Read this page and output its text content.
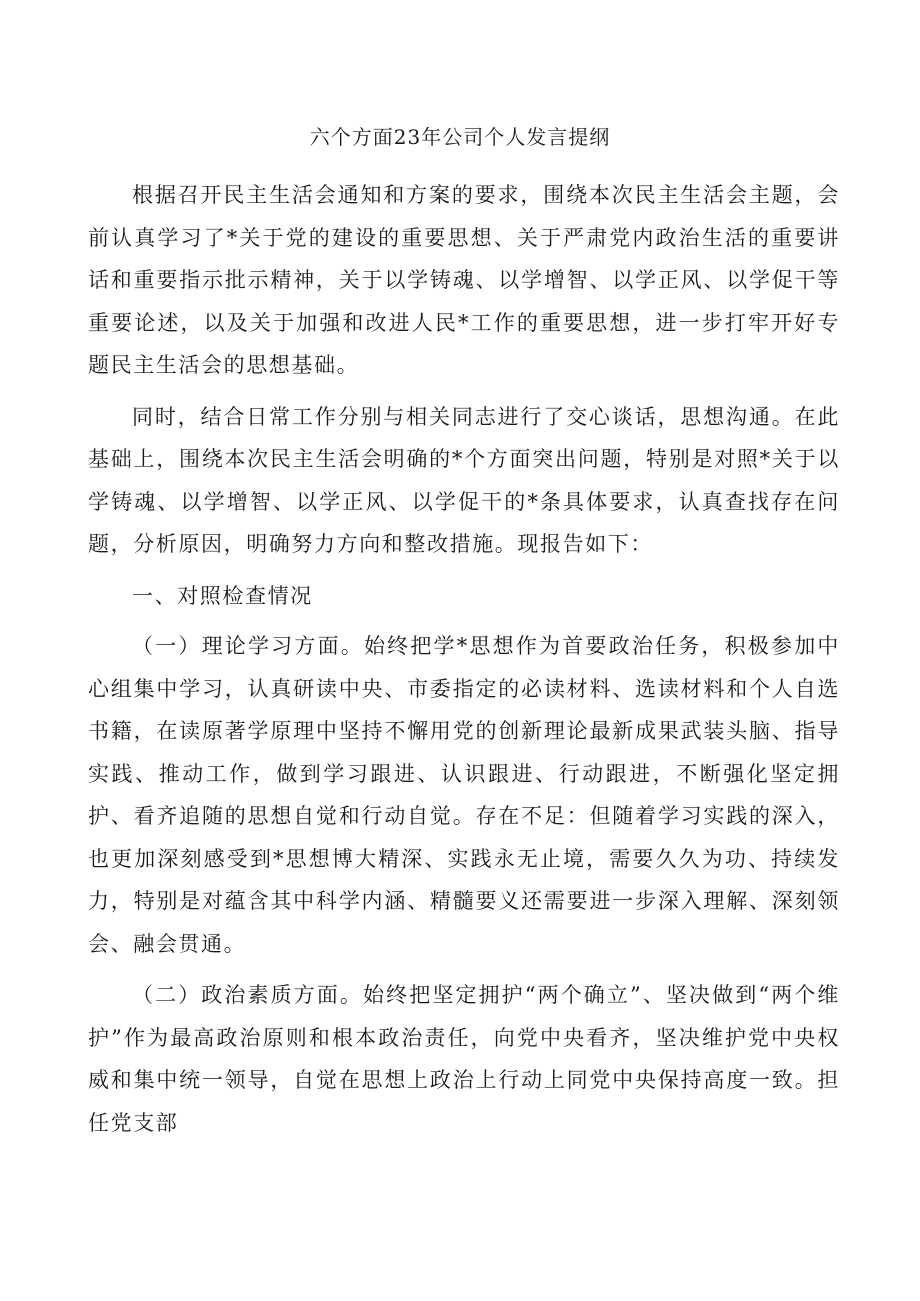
六个方面23年公司个人发言提纲

根据召开民主生活会通知和方案的要求，围绕本次民主生活会主题，会前认真学习了*关于党的建设的重要思想、关于严肃党内政治生活的重要讲话和重要指示批示精神，关于以学铸魂、以学增智、以学正风、以学促干等重要论述，以及关于加强和改进人民*工作的重要思想，进一步打牢开好专题民主生活会的思想基础。

同时，结合日常工作分别与相关同志进行了交心谈话，思想沟通。在此基础上，围绕本次民主生活会明确的*个方面突出问题，特别是对照*关于以学铸魂、以学增智、以学正风、以学促干的*条具体要求，认真查找存在问题，分析原因，明确努力方向和整改措施。现报告如下：

一、对照检查情况

（一）理论学习方面。始终把学*思想作为首要政治任务，积极参加中心组集中学习，认真研读中央、市委指定的必读材料、选读材料和个人自选书籍，在读原著学原理中坚持不懈用党的创新理论最新成果武装头脑、指导实践、推动工作，做到学习跟进、认识跟进、行动跟进，不断强化坚定拥护、看齐追随的思想自觉和行动自觉。存在不足：但随着学习实践的深入，也更加深刻感受到*思想博大精深、实践永无止境，需要久久为功、持续发力，特别是对蕴含其中科学内涵、精髓要义还需要进一步深入理解、深刻领会、融会贯通。

（二）政治素质方面。始终把坚定拥护“两个确立”、坚决做到“两个维护”作为最高政治原则和根本政治责任，向党中央看齐，坚决维护党中央权威和集中统一领导，自觉在思想上政治上行动上同党中央保持高度一致。担任党支部
